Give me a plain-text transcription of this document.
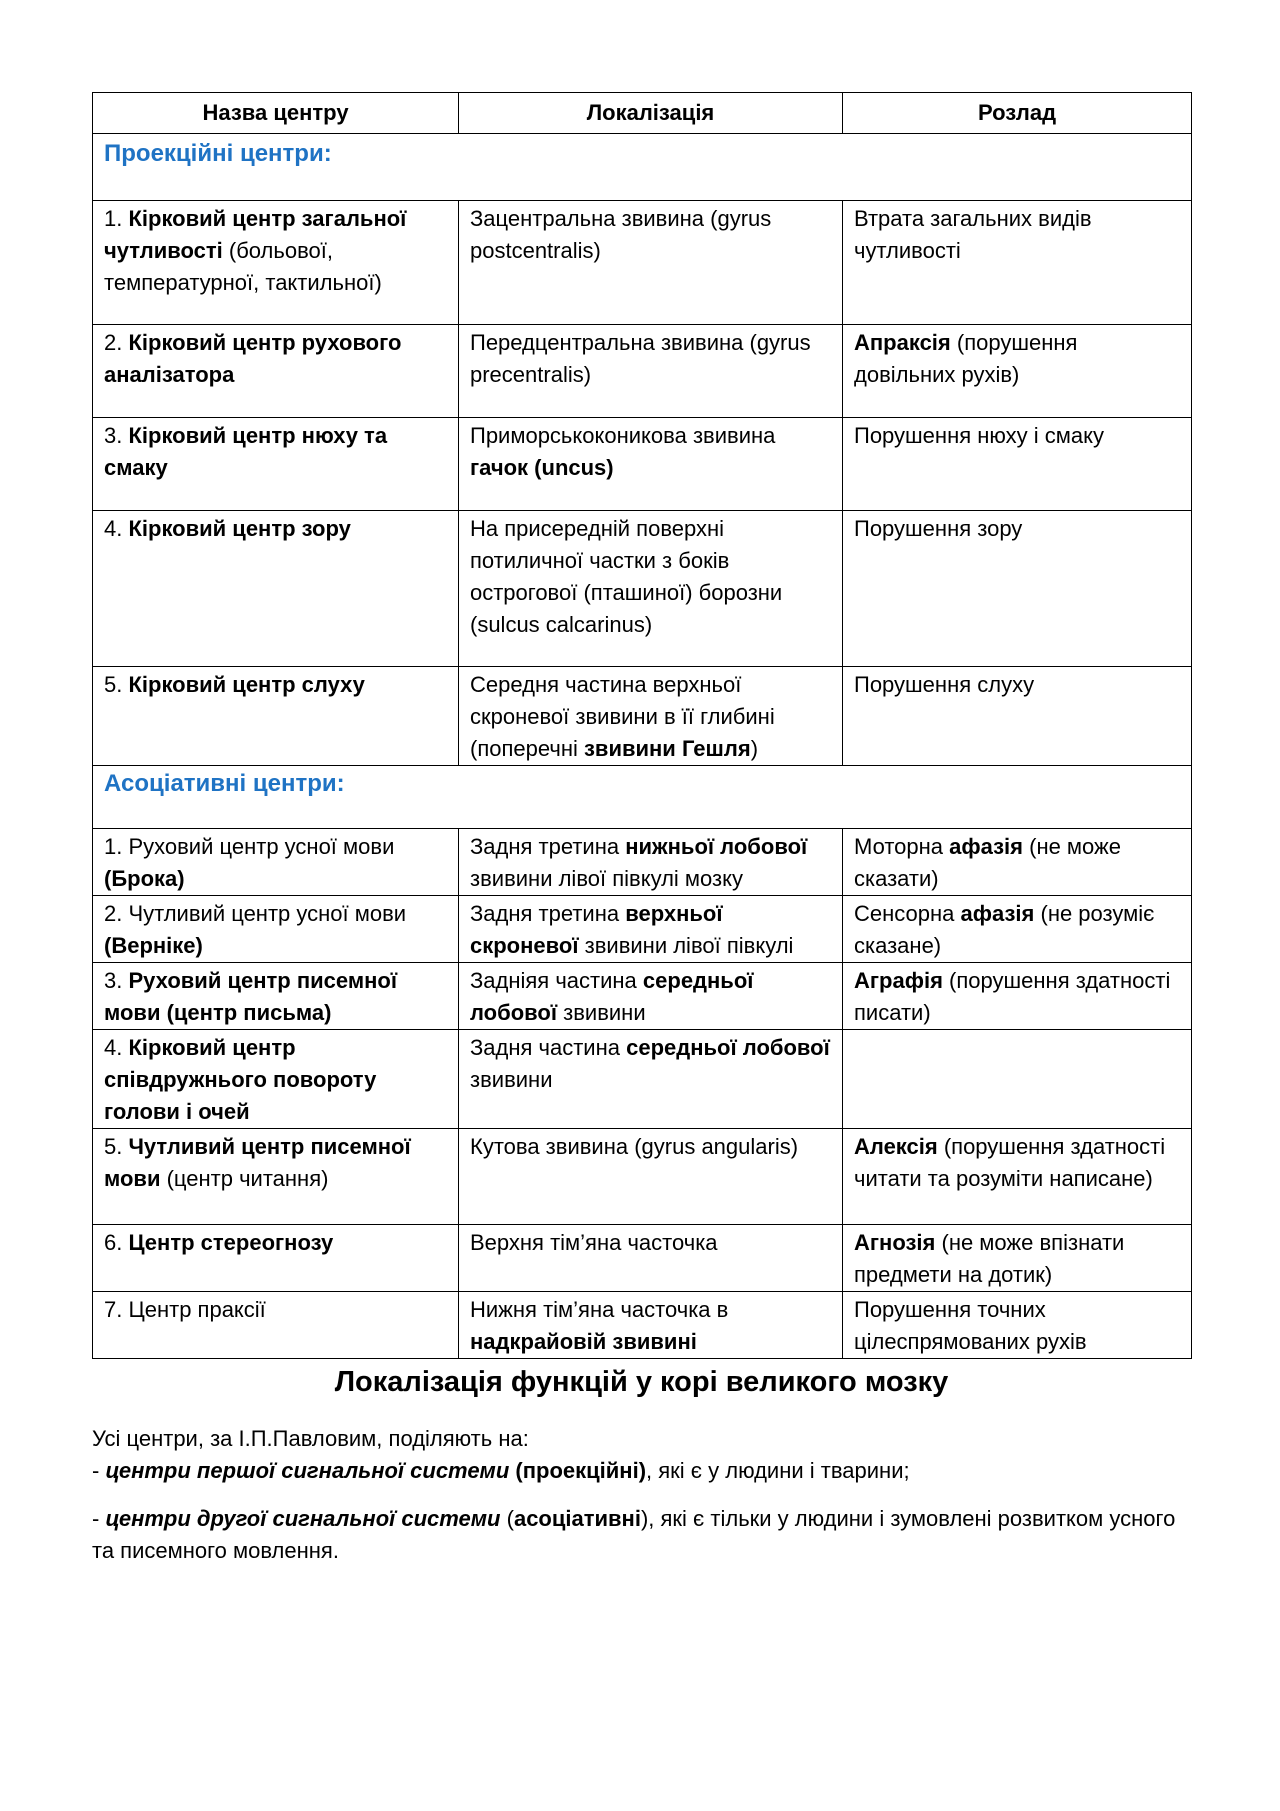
Назва центру	Локалізація	Розлад
Проекційні центри:		
1. Кірковий центр загальної чутливості (больової, температурної, тактильної)	Зацентральна звивина (gyrus postcentralis)	Втрата загальних видів чутливості
2. Кірковий центр рухового аналізатора	Передцентральна звивина (gyrus precentralis)	Апраксія (порушення довільних рухів)
3. Кірковий центр нюху та смаку	Приморськоконикова звивина гачок (uncus)	Порушення нюху і смаку
4. Кірковий центр зору	На присередній поверхні потиличної частки з боків острогової (пташиної) борозни (sulcus calcarinus)	Порушення зору
5. Кірковий центр слуху	Середня частина верхньої скроневої звивини в її глибині (поперечні звивини Гешля)	Порушення слуху
Асоціативні центри:		
1. Руховий центр усної мови (Брока)	Задня третина нижньої лобової звивини лівої півкулі мозку	Моторна афазія (не може сказати)
2. Чутливий центр усної мови (Верніке)	Задня третина верхньої скроневої звивини лівої півкулі	Сенсорна афазія (не розуміє сказане)
3. Руховий центр писемної мови (центр письма)	Задніяя частина середньої лобової звивини	Аграфія (порушення здатності писати)
4. Кірковий центр співдружнього повороту голови і очей	Задня частина середньої лобової звивини	
5. Чутливий центр писемної мови (центр читання)	Кутова звивина (gyrus angularis)	Алексія (порушення здатності читати та розуміти написане)
6. Центр стереогнозу	Верхня тім’яна часточка	Агнозія (не може впізнати предмети на дотик)
7. Центр праксії	Нижня тім’яна часточка в надкрайовій звивині	Порушення точних цілеспрямованих рухів
Локалізація функцій у корі великого мозку

Усі центри, за І.П.Павловим, поділяють на:

- центри першої сигнальної системи (проекційні), які є у людини і тварини;

- центри другої сигнальної системи (асоціативні), які є тільки у людини і зумовлені розвитком усного та писемного мовлення.
